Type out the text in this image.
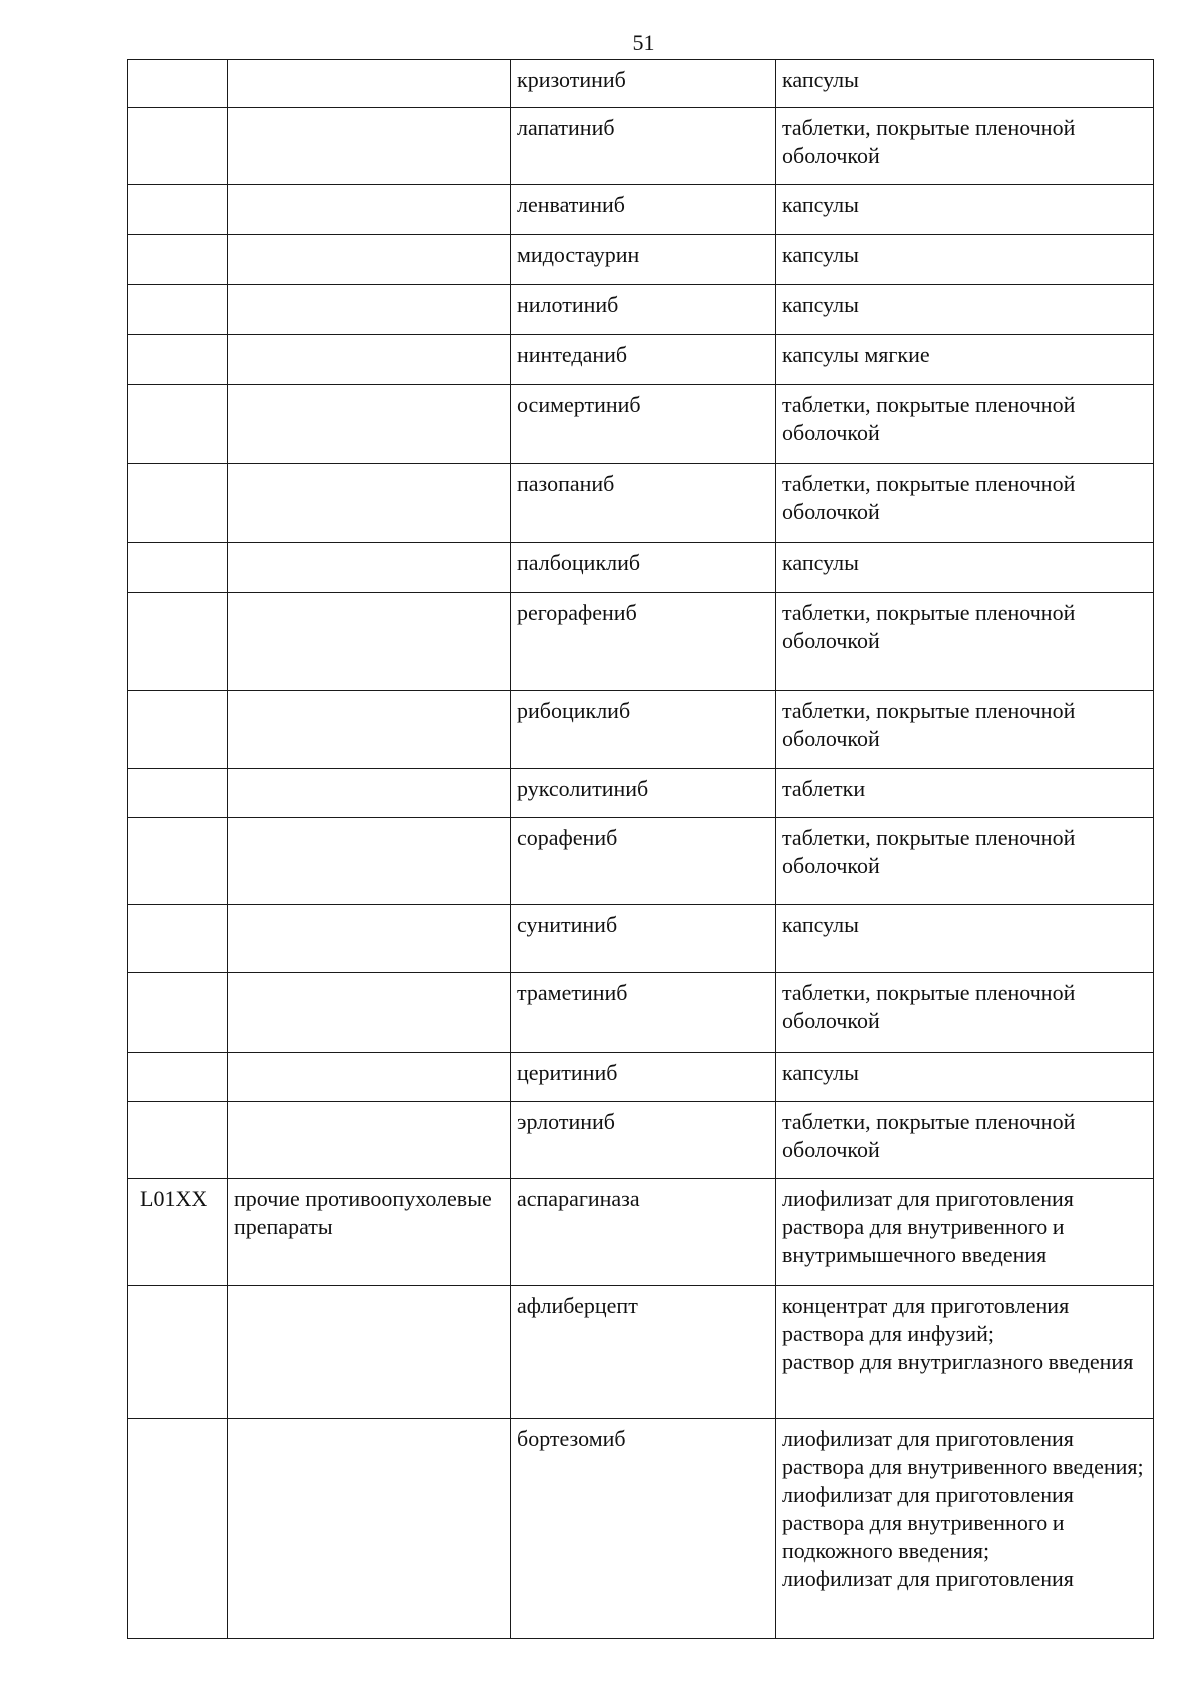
51
		кризотиниб	капсулы
		лапатиниб	таблетки, покрытые пленочной оболочкой
		ленватиниб	капсулы
		мидостаурин	капсулы
		нилотиниб	капсулы
		нинтеданиб	капсулы мягкие
		осимертиниб	таблетки, покрытые пленочной оболочкой
		пазопаниб	таблетки, покрытые пленочной оболочкой
		палбоциклиб	капсулы
		регорафениб	таблетки, покрытые пленочной оболочкой
		рибоциклиб	таблетки, покрытые пленочной оболочкой
		руксолитиниб	таблетки
		сорафениб	таблетки, покрытые пленочной оболочкой
		сунитиниб	капсулы
		траметиниб	таблетки, покрытые пленочной оболочкой
		церитиниб	капсулы
		эрлотиниб	таблетки, покрытые пленочной оболочкой
L01XX	прочие противоопухолевые препараты	аспарагиназа	лиофилизат для приготовления раствора для внутривенного и внутримышечного введения
		афлиберцепт	концентрат для приготовления раствора для инфузий;
раствор для внутриглазного введения
		бортезомиб	лиофилизат для приготовления раствора для внутривенного введения;
лиофилизат для приготовления раствора для внутривенного и подкожного введения;
лиофилизат для приготовления
